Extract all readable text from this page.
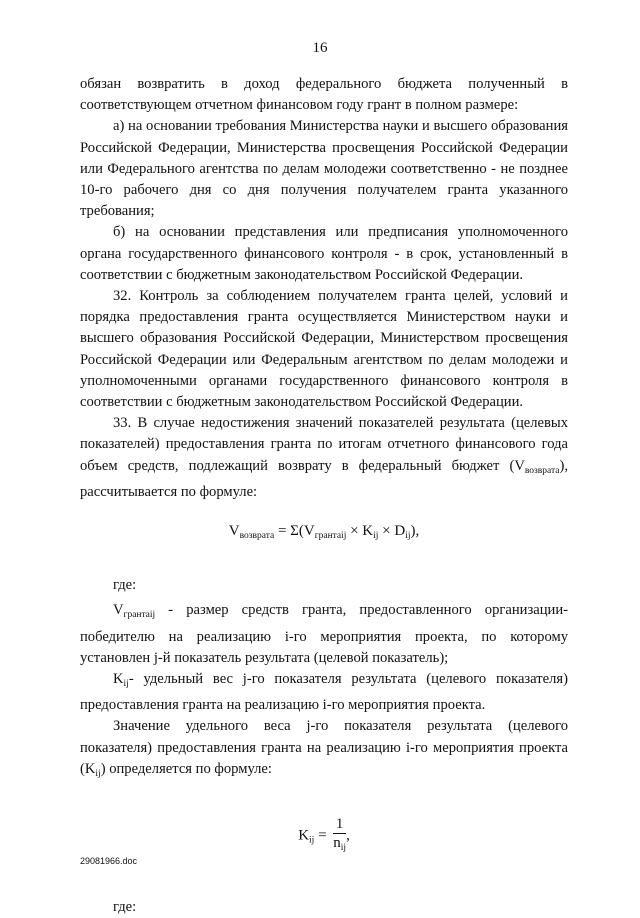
16

обязан возвратить в доход федерального бюджета полученный в соответствующем отчетном финансовом году грант в полном размере:

а) на основании требования Министерства науки и высшего образования Российской Федерации, Министерства просвещения Российской Федерации или Федерального агентства по делам молодежи соответственно - не позднее 10-го рабочего дня со дня получения получателем гранта указанного требования;

б) на основании представления или предписания уполномоченного органа государственного финансового контроля - в срок, установленный в соответствии с бюджетным законодательством Российской Федерации.

32. Контроль за соблюдением получателем гранта целей, условий и порядка предоставления гранта осуществляется Министерством науки и высшего образования Российской Федерации, Министерством просвещения Российской Федерации или Федеральным агентством по делам молодежи и уполномоченными органами государственного финансового контроля в соответствии с бюджетным законодательством Российской Федерации.

33. В случае недостижения значений показателей результата (целевых показателей) предоставления гранта по итогам отчетного финансового года объем средств, подлежащий возврату в федеральный бюджет $(V_{возврата})$, рассчитывается по формуле:

$V_{возврата} = \Sigma(V_{грантaij} \times K_{ij} \times D_{ij})$,

где:

$V_{грантaij}$ - размер средств гранта, предоставленного организации-победителю на реализацию i-го мероприятия проекта, по которому установлен j-й показатель результата (целевой показатель);

$K_{ij}-$ удельный вес j-го показателя результата (целевого показателя) предоставления гранта на реализацию i-го мероприятия проекта.

Значение удельного веса j-го показателя результата (целевого показателя) предоставления гранта на реализацию i-го мероприятия проекта $(K_{ij})$ определяется по формуле:

$K_{ij} = \frac{1}{n_{ij}}$ ,

где:

29081966.doc
